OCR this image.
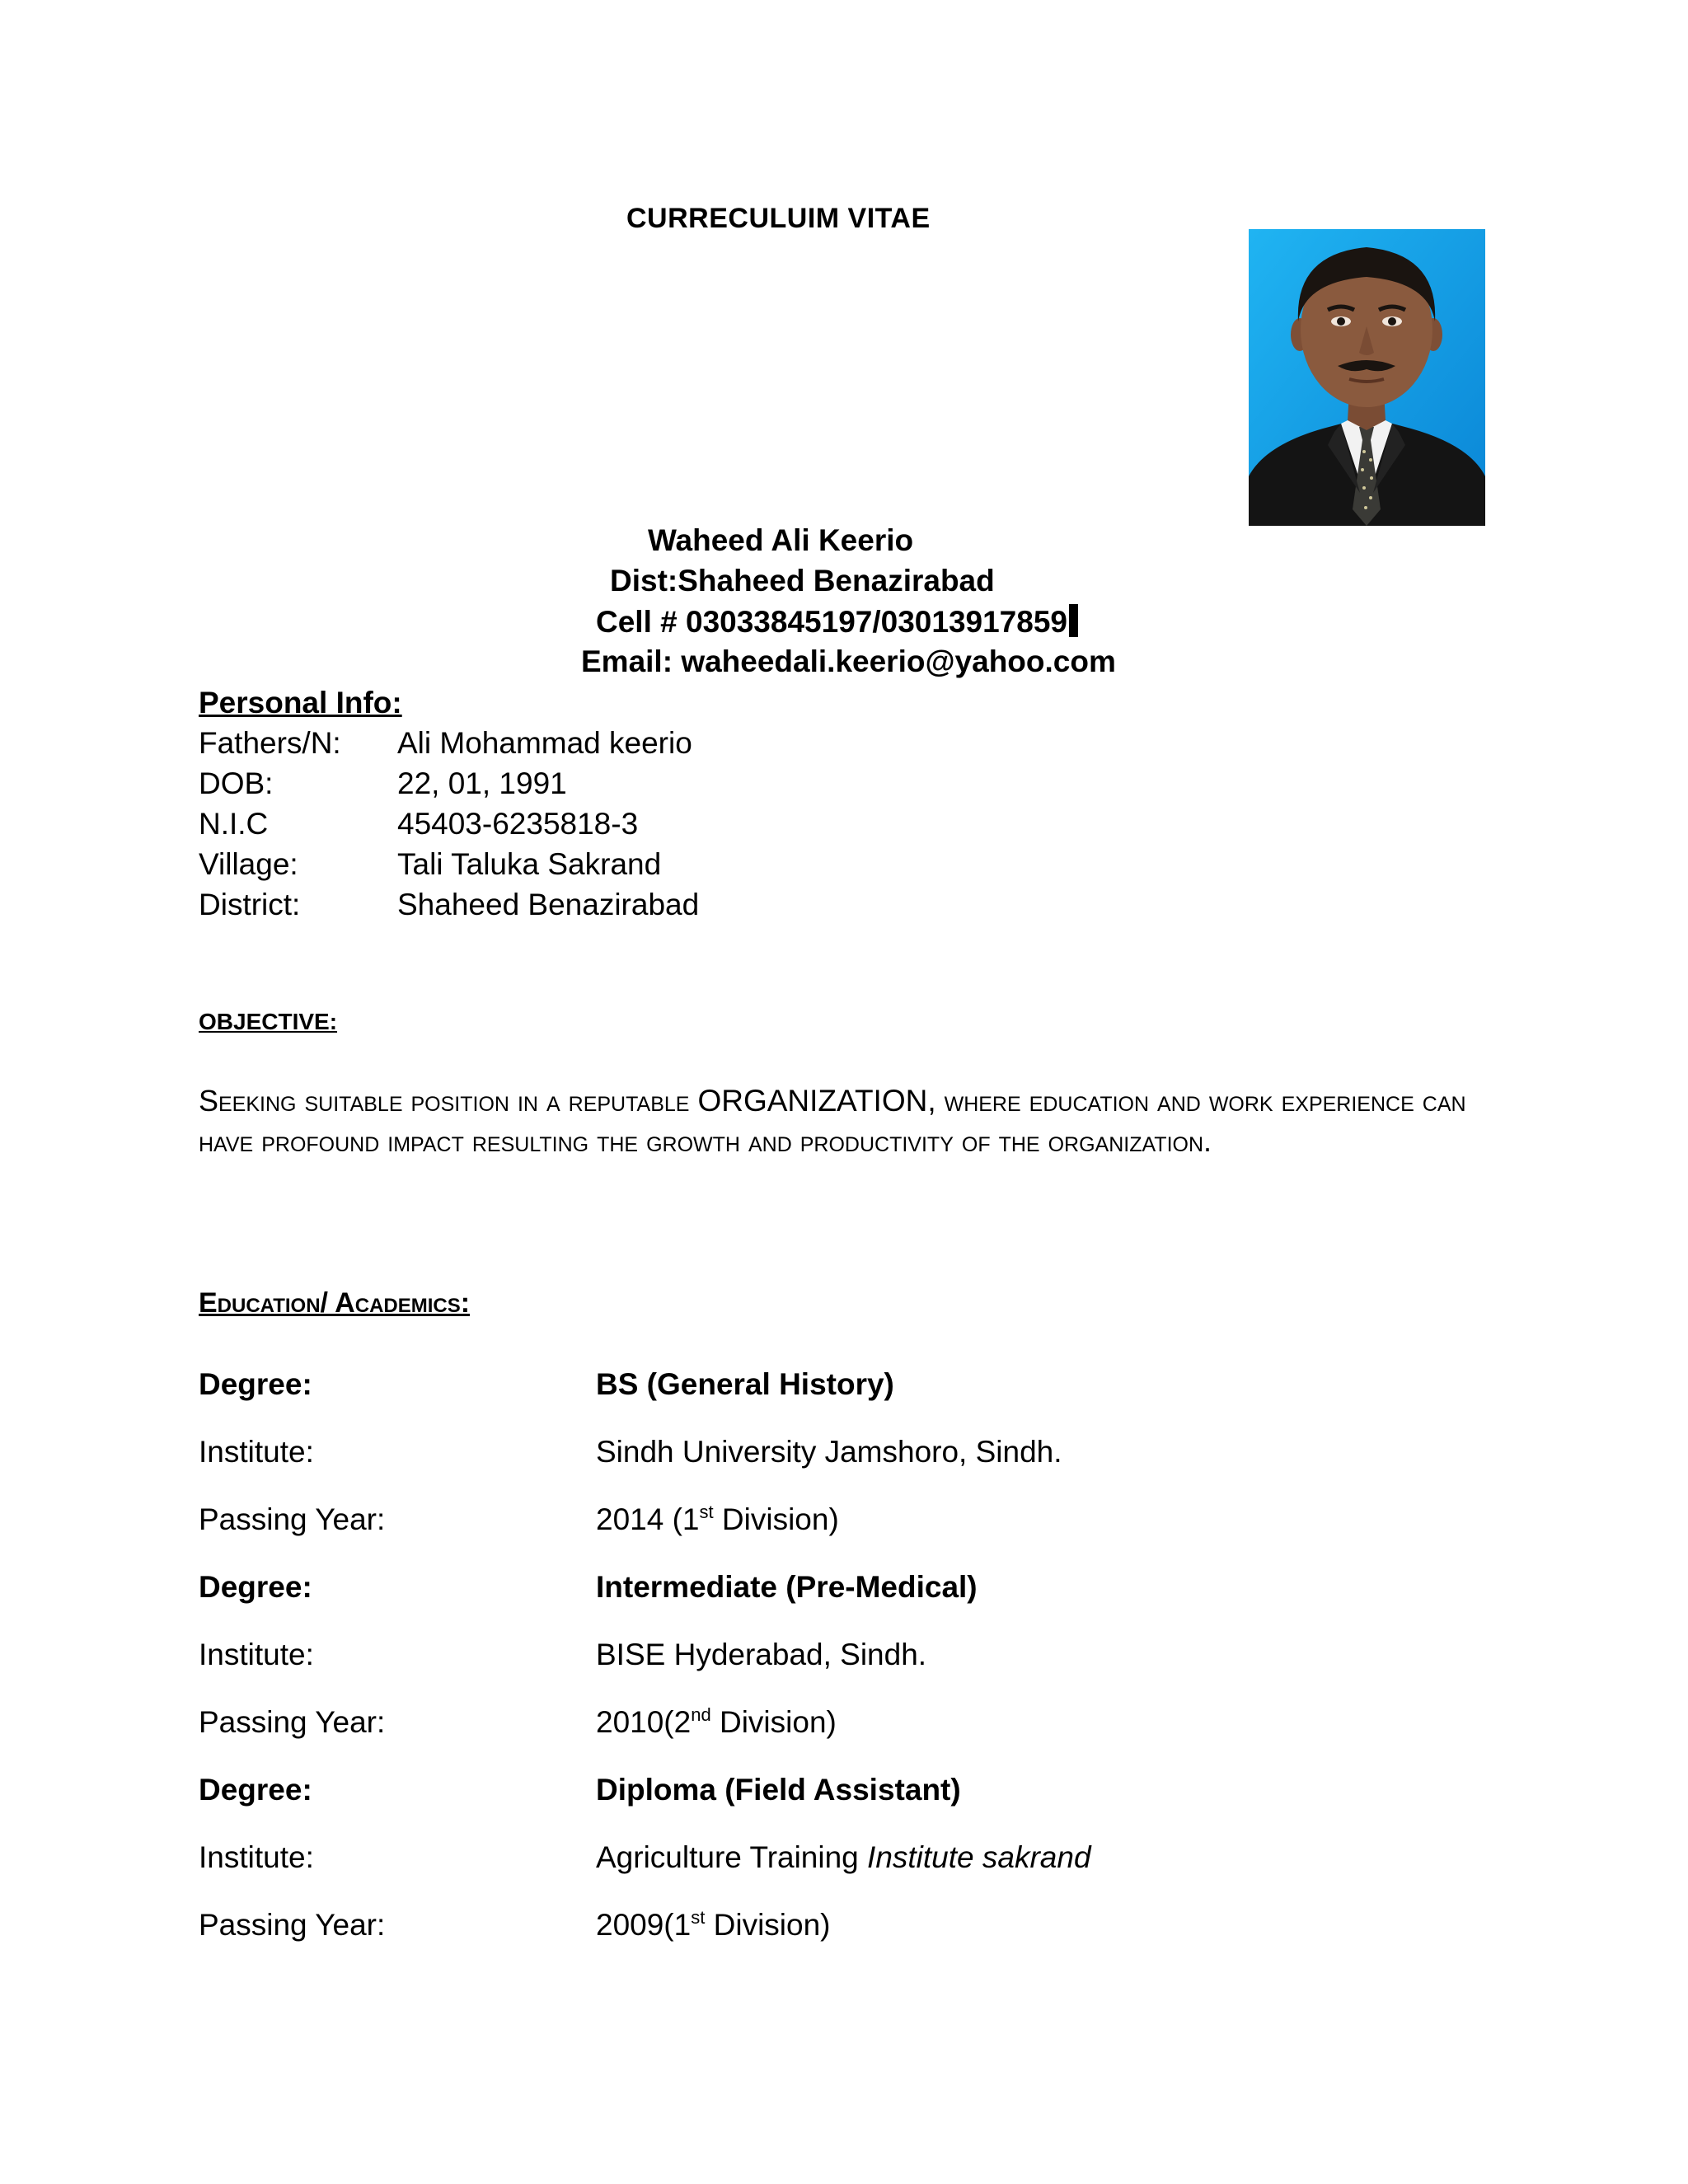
CURRECULUIM VITAE
Waheed Ali Keerio
Dist:Shaheed Benazirabad
Cell # 03033845197/03013917859
Email: waheedali.keerio@yahoo.com
Personal Info:
Fathers/N: Ali Mohammad keerio
DOB:	22, 01, 1991
N.I.C	45403-6235818-3
Village:	Tali Taluka Sakrand
District:	Shaheed Benazirabad
OBJECTIVE:
Seeking suitable position in a reputable ORGANIZATION, where education and work experience can have profound impact resulting the growth and productivity of the organization.
Education/ Academics:
Degree:	BS (General History)
Institute:	Sindh University Jamshoro, Sindh.
Passing Year:	2014 (1st Division)
Degree:	Intermediate (Pre-Medical)
Institute:	BISE Hyderabad, Sindh.
Passing Year:	2010(2nd Division)
Degree:	Diploma (Field Assistant)
Institute:	Agriculture Training Institute sakrand
Passing Year:	2009(1st Division)
